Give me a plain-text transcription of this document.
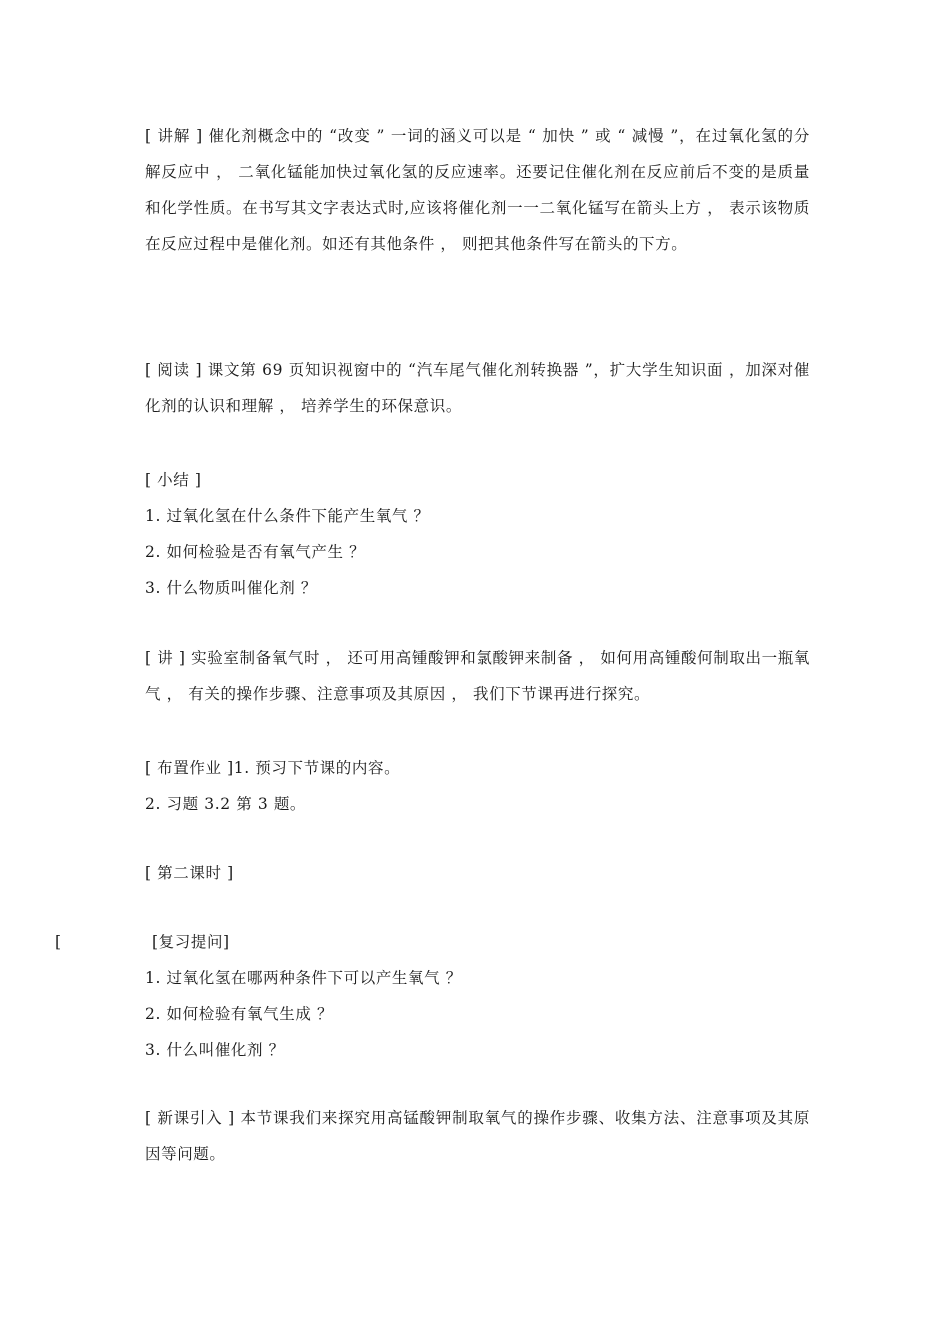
[ 讲解 ] 催化剂概念中的 “改变 ” 一词的涵义可以是 “ 加快 ” 或 “ 减慢 ”，在过氧化氢的分解反应中 ， 二氧化锰能加快过氧化氢的反应速率。还要记住催化剂在反应前后不变的是质量和化学性质。在书写其文字表达式时,应该将催化剂一一二氧化锰写在箭头上方 ， 表示该物质在反应过程中是催化剂。如还有其他条件 ， 则把其他条件写在箭头的下方。

[ 阅读 ] 课文第 69 页知识视窗中的 “汽车尾气催化剂转换器 ”，扩大学生知识面 ，加深对催化剂的认识和理解 ， 培养学生的环保意识。

[ 小结 ]

1. 过氧化氢在什么条件下能产生氧气 ？

2. 如何检验是否有氧气产生 ？

3. 什么物质叫催化剂 ？

[ 讲 ] 实验室制备氧气时 ， 还可用高锺酸钾和氯酸钾来制备 ， 如何用高锺酸何制取出一瓶氧气 ， 有关的操作步骤、注意事项及其原因 ， 我们下节课再进行探究。

[ 布置作业 ]1. 预习下节课的内容。

2. 习题 3.2 第 3 题。

[ 第二课时 ]

[	[复习提问]

1. 过氧化氢在哪两种条件下可以产生氧气 ？

2. 如何检验有氧气生成 ？

3. 什么叫催化剂 ？

[ 新课引入 ] 本节课我们来探究用高锰酸钾制取氧气的操作步骤、收集方法、注意事项及其原因等问题。
